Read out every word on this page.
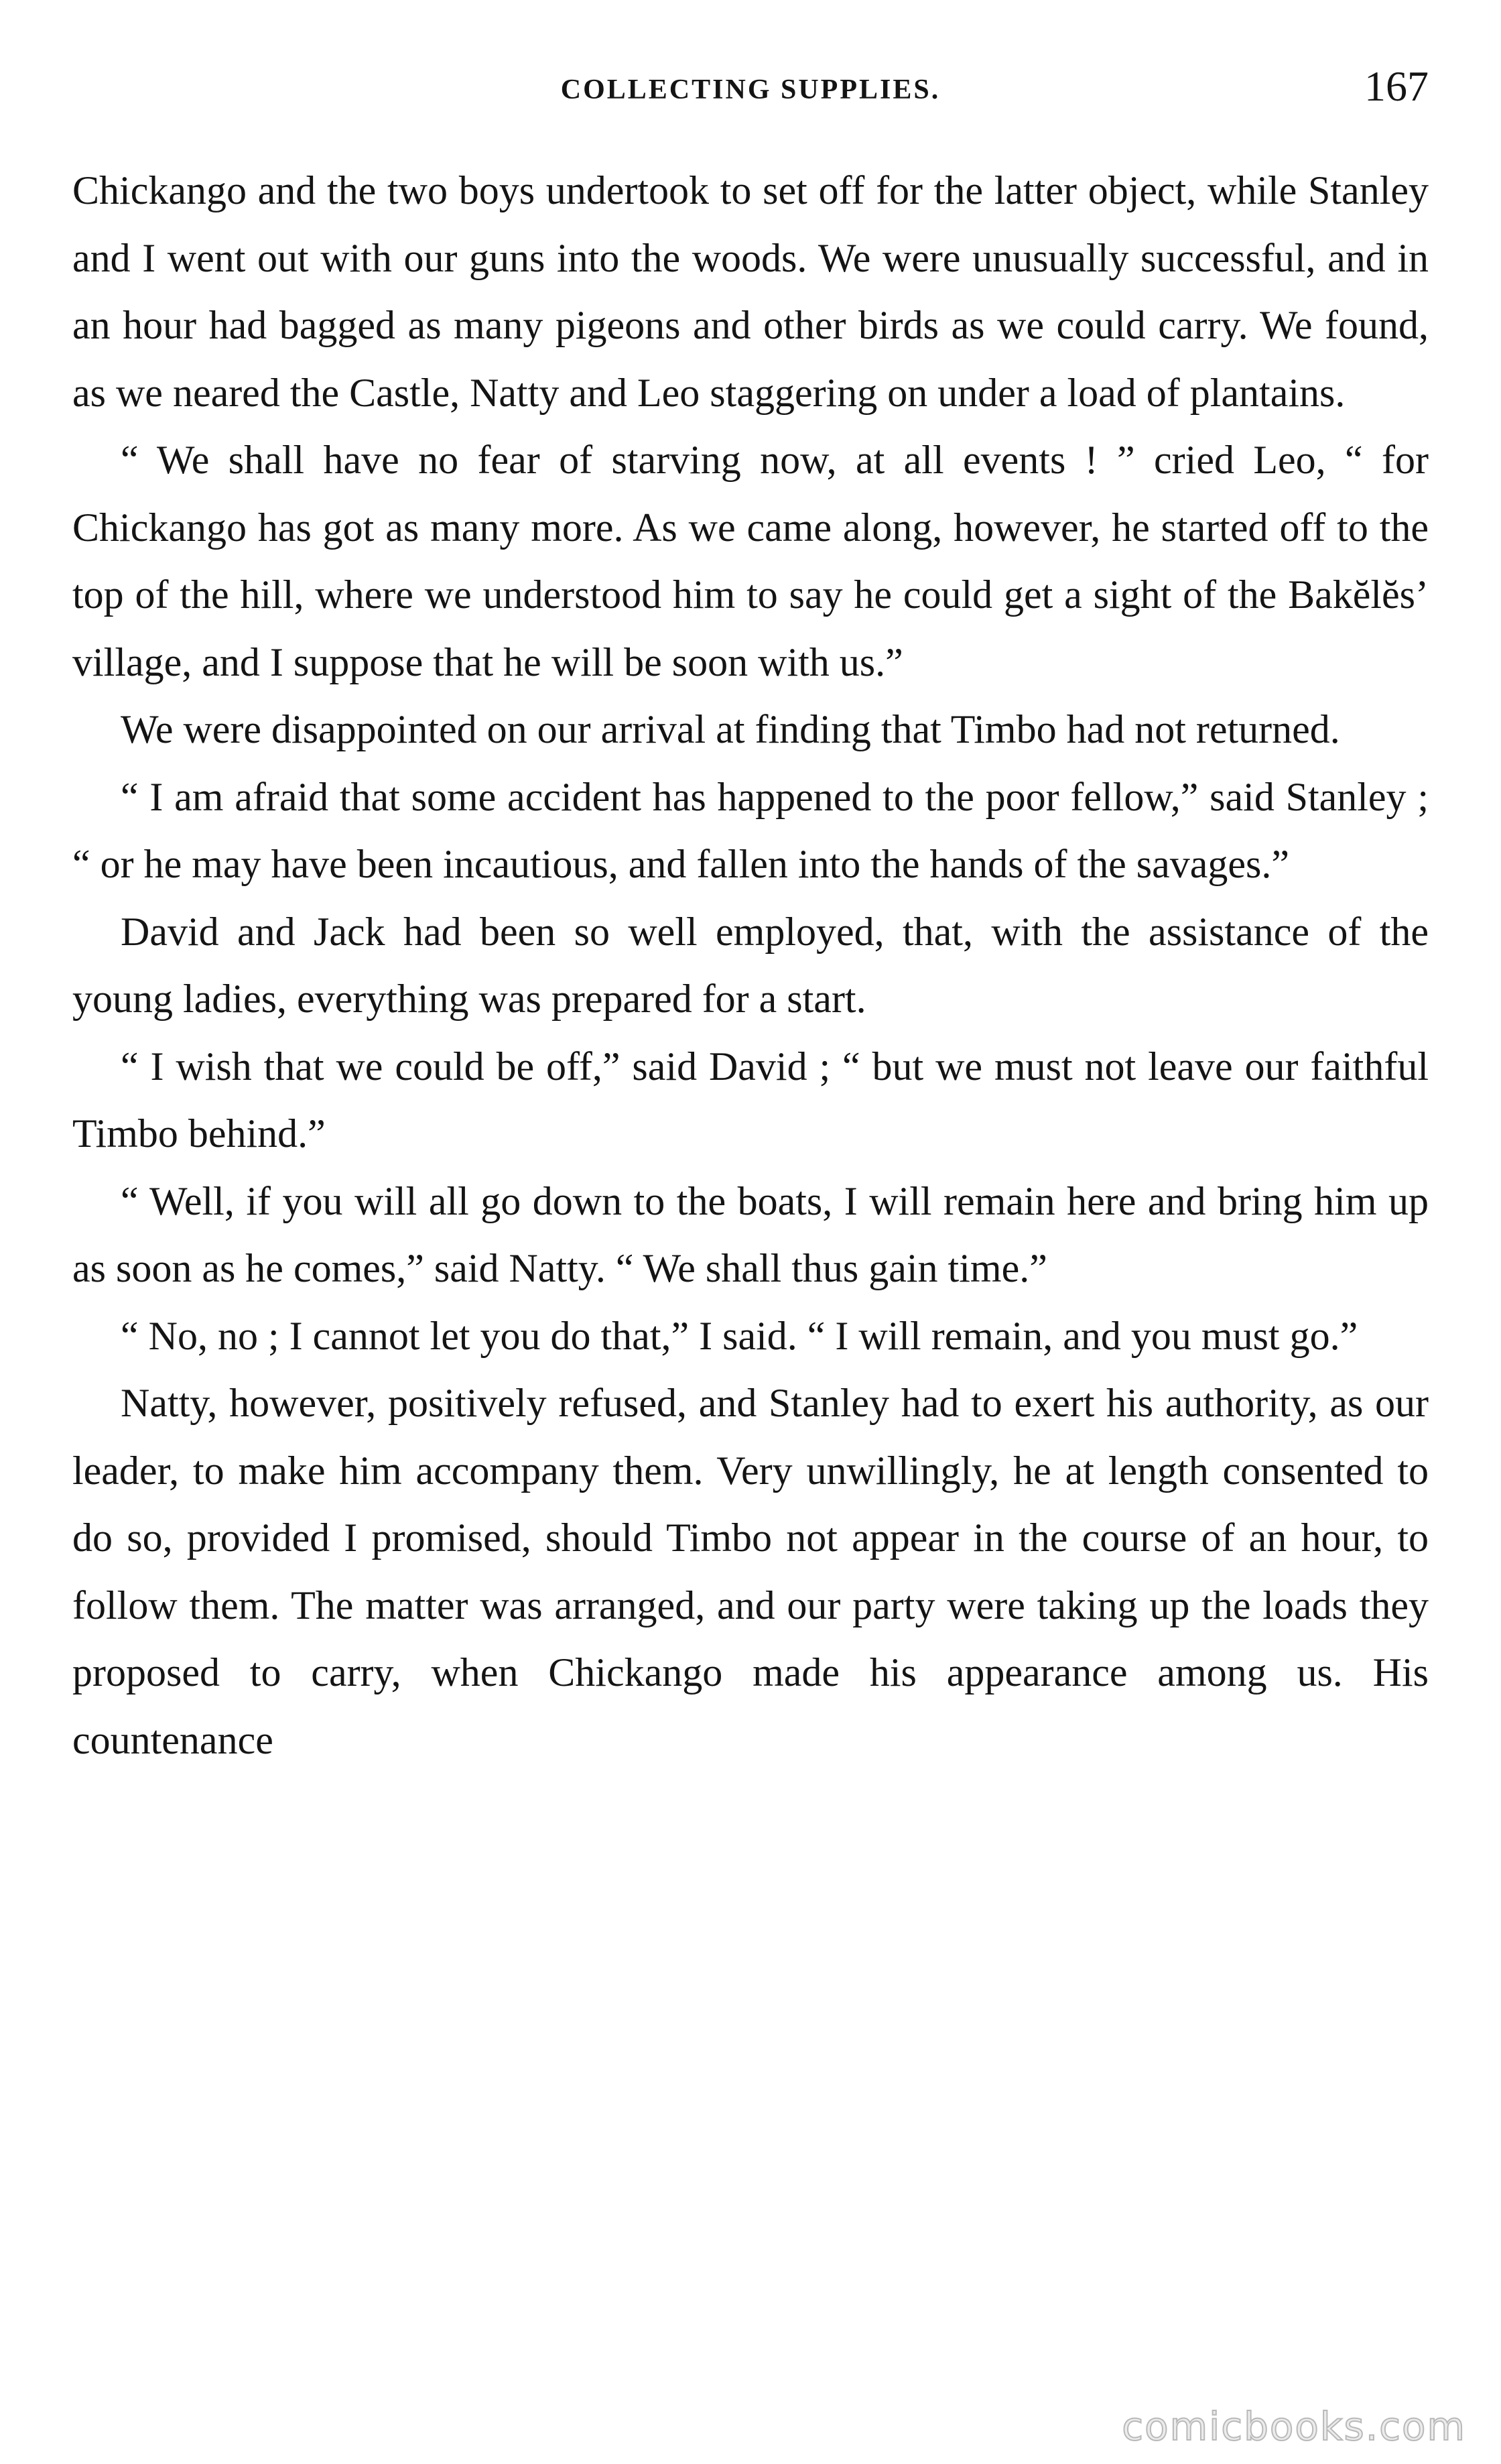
COLLECTING SUPPLIES.	167

Chickango and the two boys undertook to set off for the latter object, while Stanley and I went out with our guns into the woods. We were unusually successful, and in an hour had bagged as many pigeons and other birds as we could carry. We found, as we neared the Castle, Natty and Leo staggering on under a load of plantains.

“ We shall have no fear of starving now, at all events ! ” cried Leo, “ for Chickango has got as many more. As we came along, however, he started off to the top of the hill, where we understood him to say he could get a sight of the Bakĕlĕs’ village, and I suppose that he will be soon with us.”

We were disappointed on our arrival at finding that Timbo had not returned.

“ I am afraid that some accident has happened to the poor fellow,” said Stanley ; “ or he may have been incautious, and fallen into the hands of the savages.”

David and Jack had been so well employed, that, with the assistance of the young ladies, everything was prepared for a start.

“ I wish that we could be off,” said David ; “ but we must not leave our faithful Timbo behind.”

“ Well, if you will all go down to the boats, I will remain here and bring him up as soon as he comes,” said Natty. “ We shall thus gain time.”

“ No, no ; I cannot let you do that,” I said. “ I will remain, and you must go.”

Natty, however, positively refused, and Stanley had to exert his authority, as our leader, to make him accompany them. Very unwillingly, he at length consented to do so, provided I promised, should Timbo not appear in the course of an hour, to follow them. The matter was arranged, and our party were taking up the loads they proposed to carry, when Chickango made his appearance among us. His countenance

comicbooks.com
